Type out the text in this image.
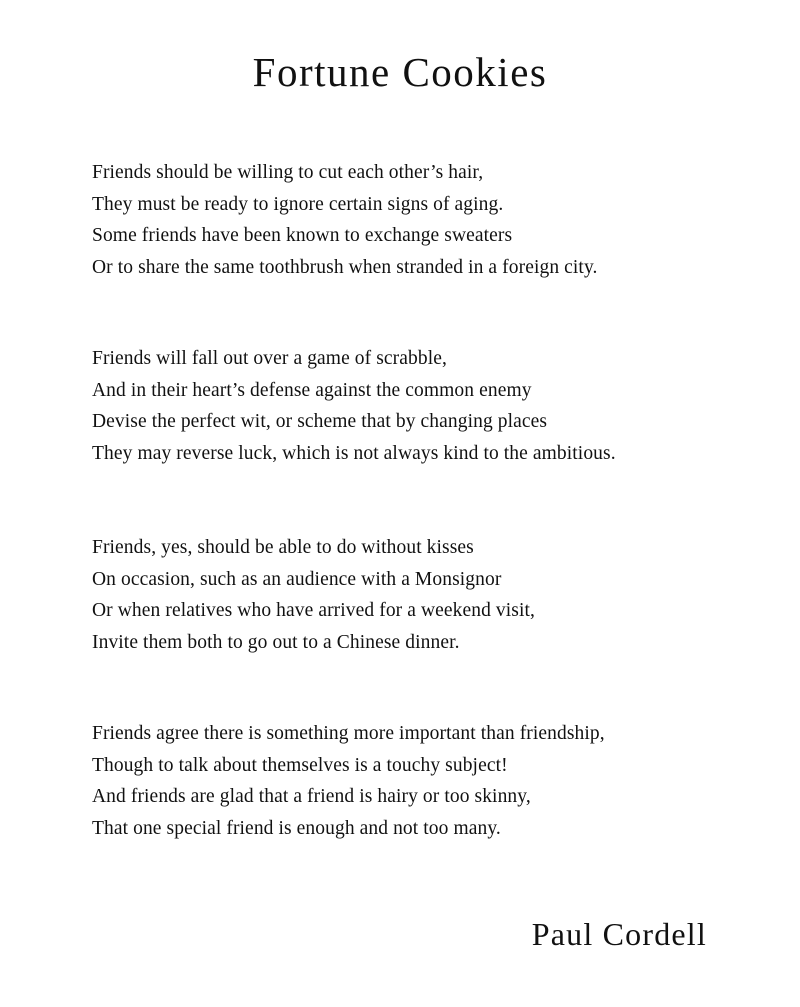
Fortune Cookies
Friends should be willing to cut each other’s hair,
They must be ready to ignore certain signs of aging.
Some friends have been known to exchange sweaters
Or to share the same toothbrush when stranded in a foreign city.
Friends will fall out over a game of scrabble,
And in their heart’s defense against the common enemy
Devise the perfect wit, or scheme that by changing places
They may reverse luck, which is not always kind to the ambitious.
Friends, yes, should be able to do without kisses
On occasion, such as an audience with a Monsignor
Or when relatives who have arrived for a weekend visit,
Invite them both to go out to a Chinese dinner.
Friends agree there is something more important than friendship,
Though to talk about themselves is a touchy subject!
And friends are glad that a friend is hairy or too skinny,
That one special friend is enough and not too many.

Paul Cordell
